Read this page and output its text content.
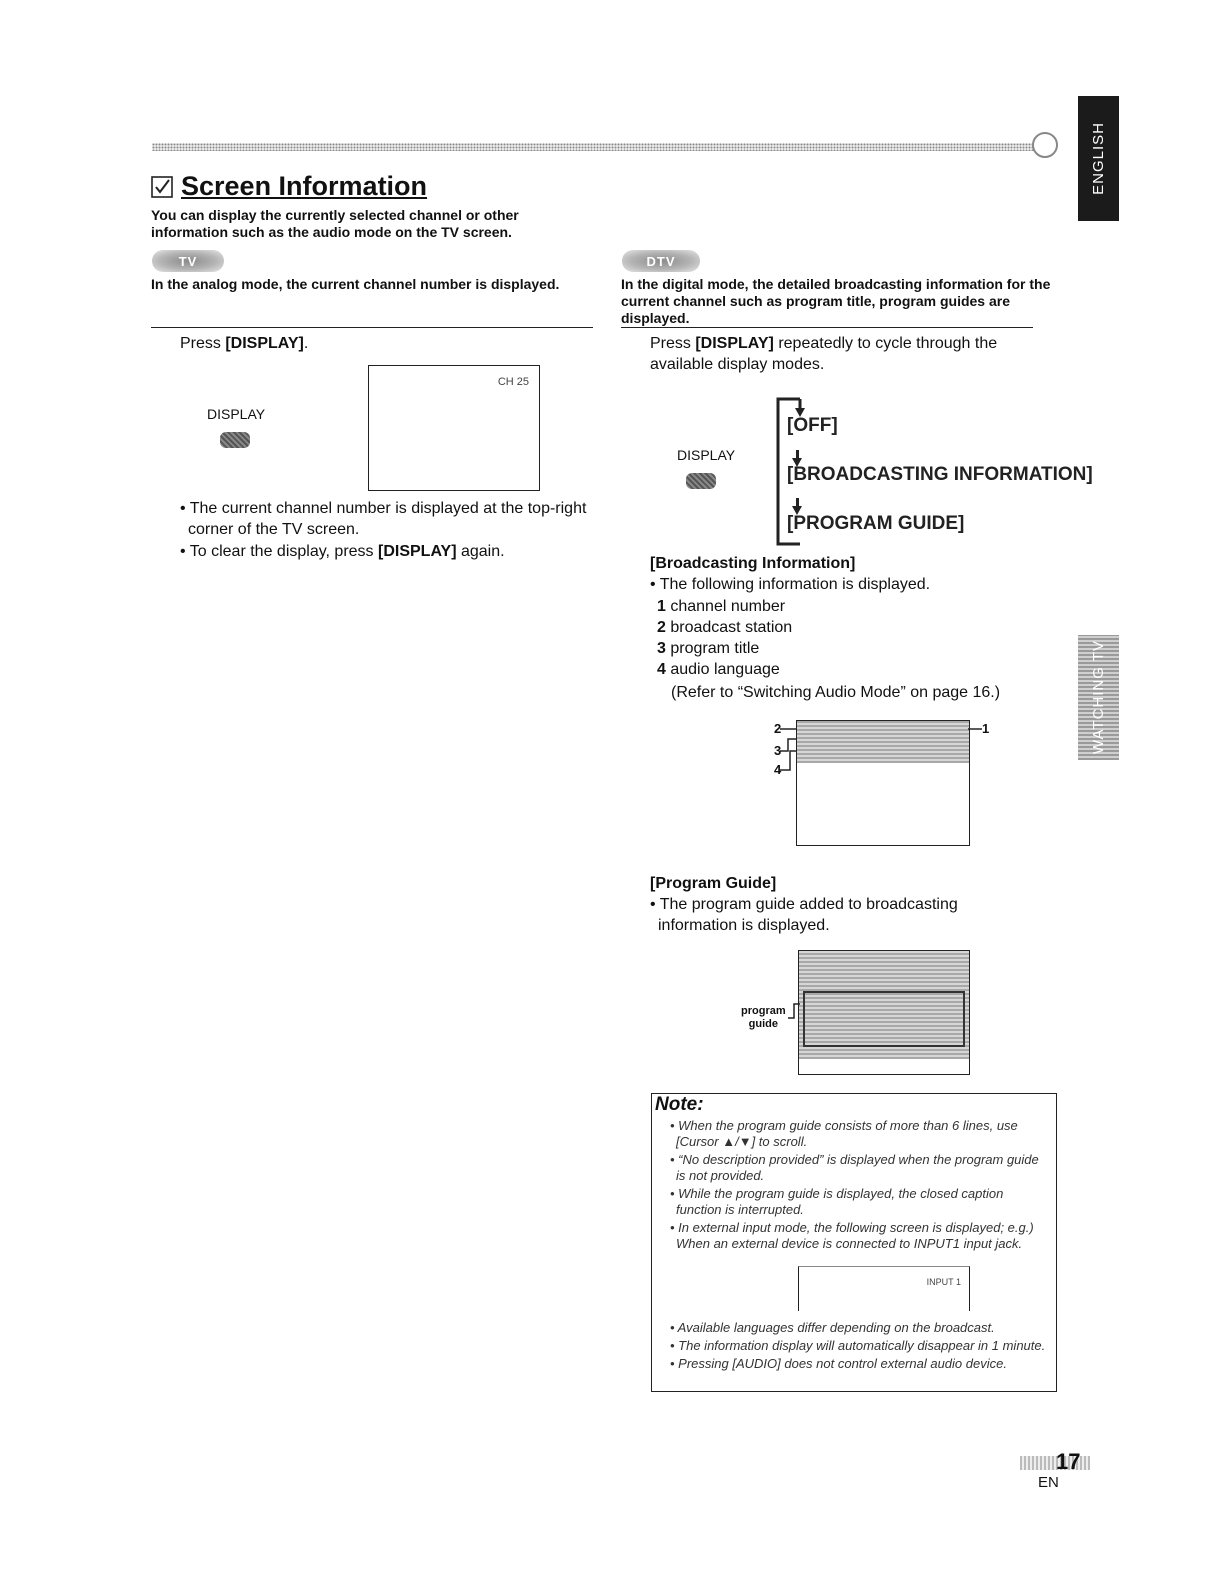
ENGLISH
WATCHING TV
Screen Information
You can display the currently selected channel or other information such as the audio mode on the TV screen.
TV
In the analog mode, the current channel number is displayed.
Press [DISPLAY].
DISPLAY
CH 25
• The current channel number is displayed at the top-right corner of the TV screen.
• To clear the display, press [DISPLAY] again.
DTV
In the digital mode, the detailed broadcasting information for the current channel such as program title, program guides are displayed.
Press [DISPLAY] repeatedly to cycle through the available display modes.
DISPLAY
[OFF]
[BROADCASTING INFORMATION]
[PROGRAM GUIDE]
[Broadcasting Information]
• The following information is displayed.
1 channel number
2 broadcast station
3 program title
4 audio language
(Refer to “Switching Audio Mode” on page 16.)
2
3
4
1
[Program Guide]
• The program guide added to broadcasting information is displayed.
program
guide
Note:
• When the program guide consists of more than 6 lines, use [Cursor ▲/▼] to scroll.
• “No description provided” is displayed when the program guide is not provided.
• While the program guide is displayed, the closed caption function is interrupted.
• In external input mode, the following screen is displayed; e.g.) When an external device is connected to INPUT1 input jack.
INPUT 1
• Available languages differ depending on the broadcast.
• The information display will automatically disappear in 1 minute.
• Pressing [AUDIO] does not control external audio device.
17
EN
